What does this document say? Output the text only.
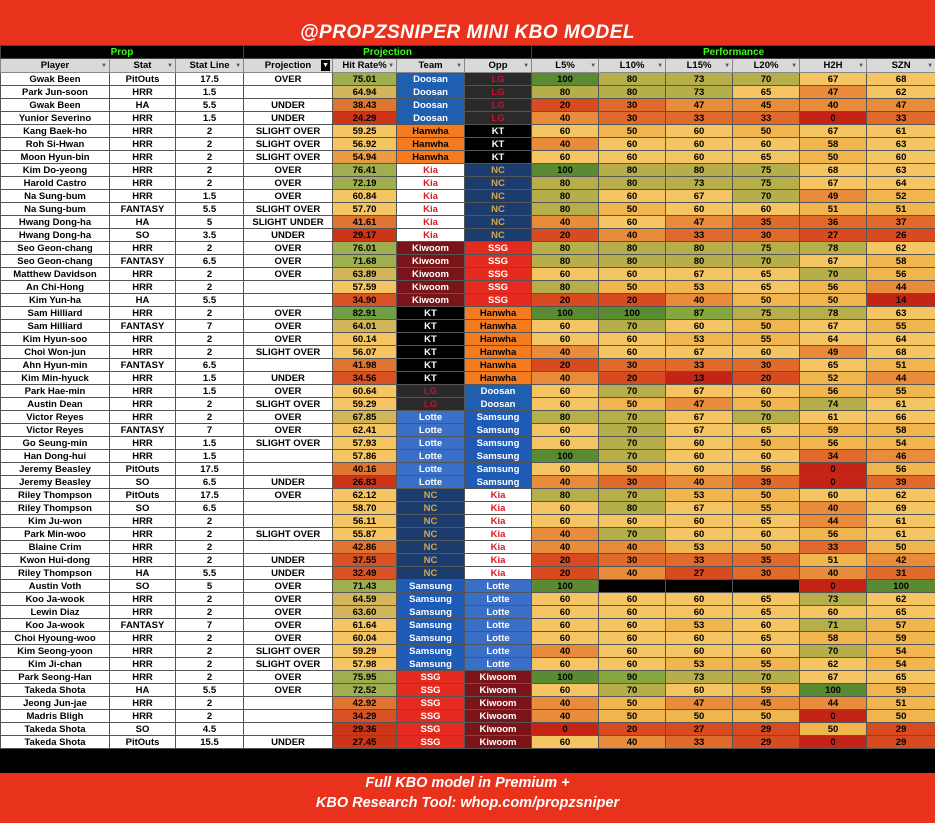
@PROPZSNIPER MINI KBO MODEL
Prop			Projection				Performance					
Player ▼	Stat ▼	Stat Line ▼	Projection ▼	Hit Rate% ▼	Team ▼	Opp ▼	L5% ▼	L10% ▼	L15% ▼	L20% ▼	H2H ▼	SZN ▼

Gwak Been	PitOuts	17.5	OVER	75.01	Doosan	LG	100	80	73	70	67	68
Park Jun-soon	HRR	1.5		64.94	Doosan	LG	80	80	73	65	47	62
Gwak Been	HA	5.5	UNDER	38.43	Doosan	LG	20	30	47	45	40	47
Yunior Severino	HRR	1.5	UNDER	24.29	Doosan	LG	40	30	33	33	0	33
Kang Baek-ho	HRR	2	SLIGHT OVER	59.25	Hanwha	KT	60	50	60	50	67	61
Roh Si-Hwan	HRR	2	SLIGHT OVER	56.92	Hanwha	KT	40	60	60	60	58	63
Moon Hyun-bin	HRR	2	SLIGHT OVER	54.94	Hanwha	KT	60	60	60	65	50	60
Kim Do-yeong	HRR	2	OVER	76.41	Kia	NC	100	80	80	75	68	63
Harold Castro	HRR	2	OVER	72.19	Kia	NC	80	80	73	75	67	64
Na Sung-bum	HRR	1.5	OVER	60.84	Kia	NC	80	60	67	70	49	52
Na Sung-bum	FANTASY	5.5	SLIGHT OVER	57.70	Kia	NC	80	50	60	60	51	51
Hwang Dong-ha	HA	5	SLIGHT UNDER	41.61	Kia	NC	40	60	47	35	36	37
Hwang Dong-ha	SO	3.5	UNDER	29.17	Kia	NC	20	40	33	30	27	26
Seo Geon-chang	HRR	2	OVER	76.01	Kiwoom	SSG	80	80	80	75	78	62
Seo Geon-chang	FANTASY	6.5	OVER	71.68	Kiwoom	SSG	80	80	80	70	67	58
Matthew Davidson	HRR	2	OVER	63.89	Kiwoom	SSG	60	60	67	65	70	56
An Chi-Hong	HRR	2		57.59	Kiwoom	SSG	80	50	53	65	56	44
Kim Yun-ha	HA	5.5		34.90	Kiwoom	SSG	20	20	40	50	50	14
Sam Hilliard	HRR	2	OVER	82.91	KT	Hanwha	100	100	87	75	78	63
Sam Hilliard	FANTASY	7	OVER	64.01	KT	Hanwha	60	70	60	50	67	55
Kim Hyun-soo	HRR	2	OVER	60.14	KT	Hanwha	60	60	53	55	64	64
Choi Won-jun	HRR	2	SLIGHT OVER	56.07	KT	Hanwha	40	60	67	60	49	68
Ahn Hyun-min	FANTASY	6.5		41.98	KT	Hanwha	20	30	33	30	65	51
Kim Min-hyuck	HRR	1.5	UNDER	34.56	KT	Hanwha	40	20	13	20	52	44
Park Hae-min	HRR	1.5	OVER	60.64	LG	Doosan	60	70	67	60	56	55
Austin Dean	HRR	2	SLIGHT OVER	59.29	LG	Doosan	60	50	47	50	74	61
Victor Reyes	HRR	2	OVER	67.85	Lotte	Samsung	80	70	67	70	61	66
Victor Reyes	FANTASY	7	OVER	62.41	Lotte	Samsung	60	70	67	65	59	58
Go Seung-min	HRR	1.5	SLIGHT OVER	57.93	Lotte	Samsung	60	70	60	50	56	54
Han Dong-hui	HRR	1.5		57.86	Lotte	Samsung	100	70	60	60	34	46
Jeremy Beasley	PitOuts	17.5		40.16	Lotte	Samsung	60	50	60	56	0	56
Jeremy Beasley	SO	6.5	UNDER	26.83	Lotte	Samsung	40	30	40	39	0	39
Riley Thompson	PitOuts	17.5	OVER	62.12	NC	Kia	80	70	53	50	60	62
Riley Thompson	SO	6.5		58.70	NC	Kia	60	80	67	55	40	69
Kim Ju-won	HRR	2		56.11	NC	Kia	60	60	60	65	44	61
Park Min-woo	HRR	2	SLIGHT OVER	55.87	NC	Kia	40	70	60	60	56	61
Blaine Crim	HRR	2		42.86	NC	Kia	40	40	53	50	33	50
Kwon Hui-dong	HRR	2	UNDER	37.55	NC	Kia	20	30	33	35	51	42
Riley Thompson	HA	5.5	UNDER	32.49	NC	Kia	20	40	27	30	40	31
Austin Voth	SO	5	OVER	71.43	Samsung	Lotte	100				0	100
Koo Ja-wook	HRR	2	OVER	64.59	Samsung	Lotte	60	60	60	65	73	62
Lewin Diaz	HRR	2	OVER	63.60	Samsung	Lotte	60	60	60	65	60	65
Koo Ja-wook	FANTASY	7	OVER	61.64	Samsung	Lotte	60	60	53	60	71	57
Choi Hyoung-woo	HRR	2	OVER	60.04	Samsung	Lotte	60	60	60	65	58	59
Kim Seong-yoon	HRR	2	SLIGHT OVER	59.29	Samsung	Lotte	40	60	60	60	70	54
Kim Ji-chan	HRR	2	SLIGHT OVER	57.98	Samsung	Lotte	60	60	53	55	62	54
Park Seong-Han	HRR	2	OVER	75.95	SSG	Kiwoom	100	90	73	70	67	65
Takeda Shota	HA	5.5	OVER	72.52	SSG	Kiwoom	60	70	60	59	100	59
Jeong Jun-jae	HRR	2		42.92	SSG	Kiwoom	40	50	47	45	44	51
Madris Bligh	HRR	2		34.29	SSG	Kiwoom	40	50	50	50	0	50
Takeda Shota	SO	4.5		29.36	SSG	Kiwoom	0	20	27	29	50	29
Takeda Shota	PitOuts	15.5	UNDER	27.45	SSG	Kiwoom	60	40	33	29	0	29
Full KBO model in Premium +
KBO Research Tool: whop.com/propzsniper
